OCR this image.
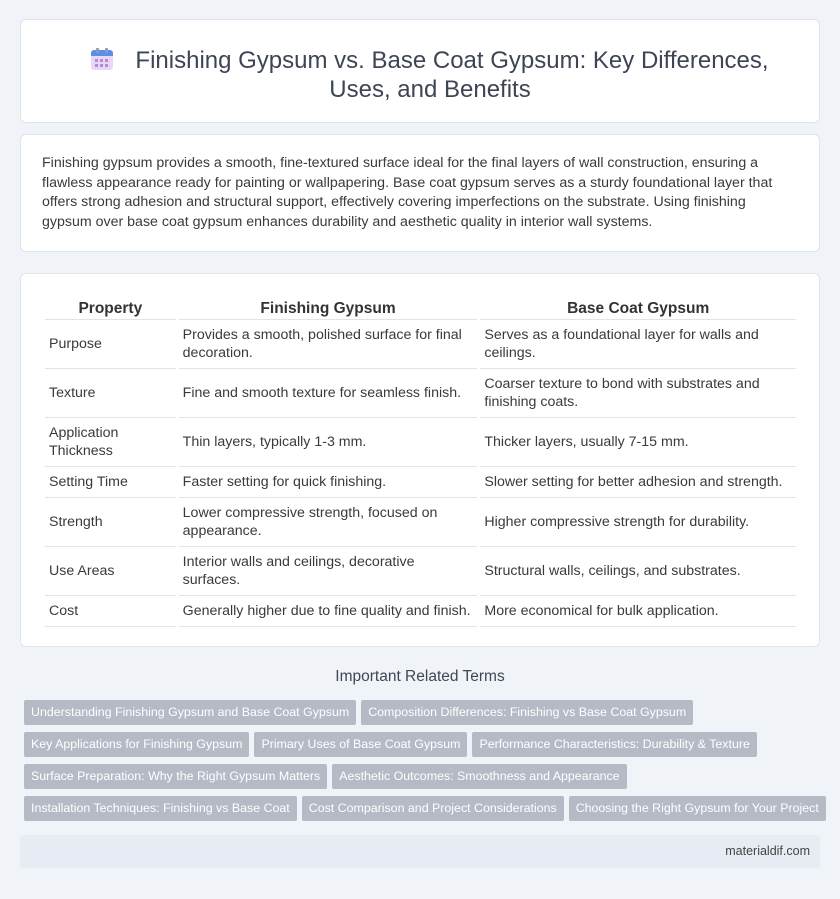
Finishing Gypsum vs. Base Coat Gypsum: Key Differences, Uses, and Benefits

Finishing gypsum provides a smooth, fine-textured surface ideal for the final layers of wall construction, ensuring a flawless appearance ready for painting or wallpapering. Base coat gypsum serves as a sturdy foundational layer that offers strong adhesion and structural support, effectively covering imperfections on the substrate. Using finishing gypsum over base coat gypsum enhances durability and aesthetic quality in interior wall systems.

Property	Finishing Gypsum	Base Coat Gypsum
Purpose	Provides a smooth, polished surface for final decoration.	Serves as a foundational layer for walls and ceilings.
Texture	Fine and smooth texture for seamless finish.	Coarser texture to bond with substrates and finishing coats.
Application Thickness	Thin layers, typically 1-3 mm.	Thicker layers, usually 7-15 mm.
Setting Time	Faster setting for quick finishing.	Slower setting for better adhesion and strength.
Strength	Lower compressive strength, focused on appearance.	Higher compressive strength for durability.
Use Areas	Interior walls and ceilings, decorative surfaces.	Structural walls, ceilings, and substrates.
Cost	Generally higher due to fine quality and finish.	More economical for bulk application.
Important Related Terms
Understanding Finishing Gypsum and Base Coat Gypsum Composition Differences: Finishing vs Base Coat Gypsum
Key Applications for Finishing Gypsum Primary Uses of Base Coat Gypsum Performance Characteristics: Durability & Texture
Surface Preparation: Why the Right Gypsum Matters Aesthetic Outcomes: Smoothness and Appearance
Installation Techniques: Finishing vs Base Coat Cost Comparison and Project Considerations Choosing the Right Gypsum for Your Project
materialdif.com
